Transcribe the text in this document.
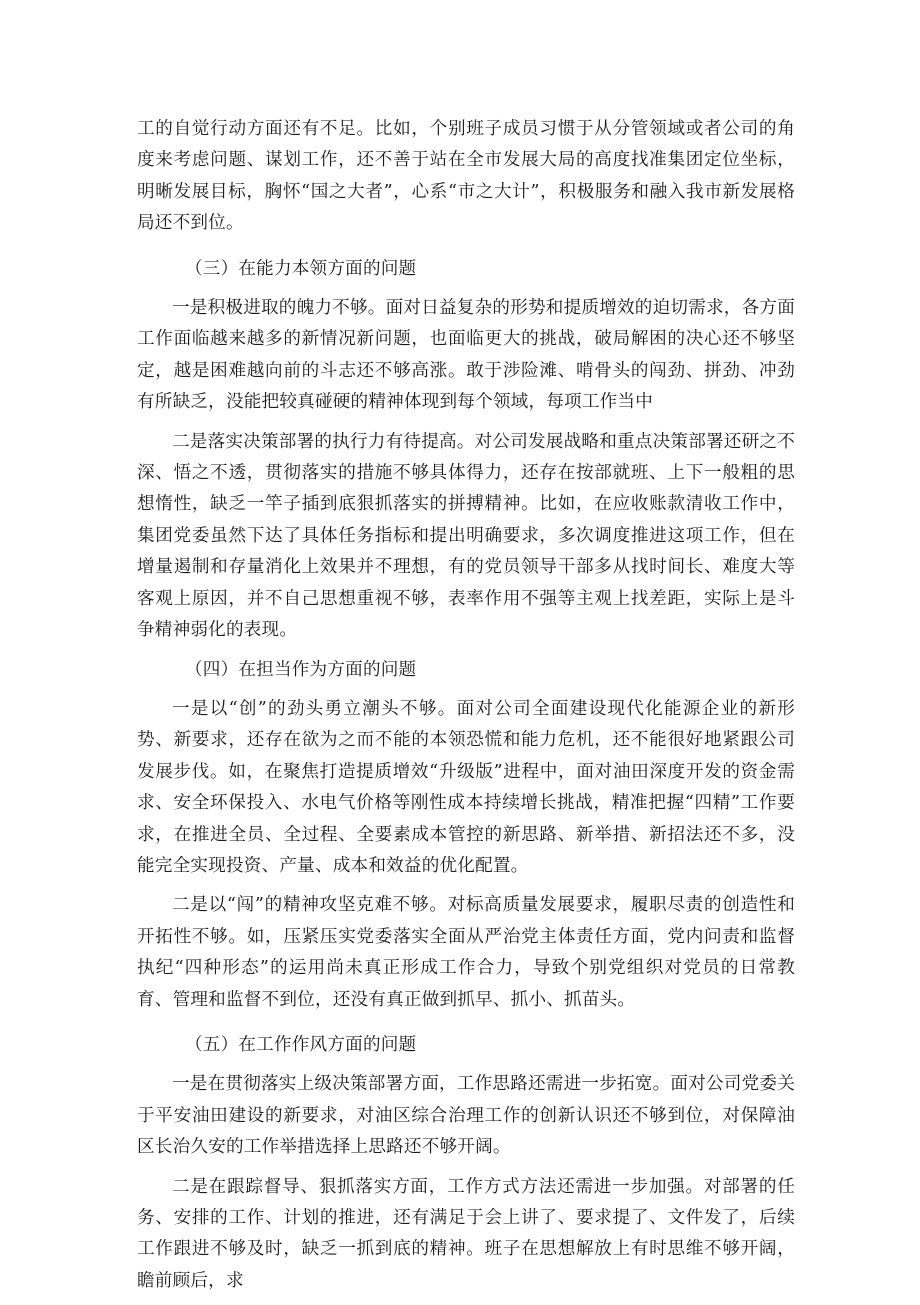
工的自觉行动方面还有不足。比如，个别班子成员习惯于从分管领域或者公司的角度来考虑问题、谋划工作，还不善于站在全市发展大局的高度找准集团定位坐标，明晰发展目标，胸怀“国之大者”，心系“市之大计”，积极服务和融入我市新发展格局还不到位。

（三）在能力本领方面的问题

一是积极进取的魄力不够。面对日益复杂的形势和提质增效的迫切需求，各方面工作面临越来越多的新情况新问题，也面临更大的挑战，破局解困的决心还不够坚定，越是困难越向前的斗志还不够高涨。敢于涉险滩、啃骨头的闯劲、拼劲、冲劲有所缺乏，没能把较真碰硬的精神体现到每个领域，每项工作当中

二是落实决策部署的执行力有待提高。对公司发展战略和重点决策部署还研之不深、悟之不透，贯彻落实的措施不够具体得力，还存在按部就班、上下一般粗的思想惰性，缺乏一竿子插到底狠抓落实的拼搏精神。比如，在应收账款清收工作中，集团党委虽然下达了具体任务指标和提出明确要求，多次调度推进这项工作，但在增量遏制和存量消化上效果并不理想，有的党员领导干部多从找时间长、难度大等客观上原因，并不自己思想重视不够，表率作用不强等主观上找差距，实际上是斗争精神弱化的表现。

（四）在担当作为方面的问题

一是以“创”的劲头勇立潮头不够。面对公司全面建设现代化能源企业的新形势、新要求，还存在欲为之而不能的本领恐慌和能力危机，还不能很好地紧跟公司发展步伐。如，在聚焦打造提质增效“升级版”进程中，面对油田深度开发的资金需求、安全环保投入、水电气价格等刚性成本持续增长挑战，精准把握“四精”工作要求，在推进全员、全过程、全要素成本管控的新思路、新举措、新招法还不多，没能完全实现投资、产量、成本和效益的优化配置。

二是以“闯”的精神攻坚克难不够。对标高质量发展要求，履职尽责的创造性和开拓性不够。如，压紧压实党委落实全面从严治党主体责任方面，党内问责和监督执纪“四种形态”的运用尚未真正形成工作合力，导致个别党组织对党员的日常教育、管理和监督不到位，还没有真正做到抓早、抓小、抓苗头。

（五）在工作作风方面的问题

一是在贯彻落实上级决策部署方面，工作思路还需进一步拓宽。面对公司党委关于平安油田建设的新要求，对油区综合治理工作的创新认识还不够到位，对保障油区长治久安的工作举措选择上思路还不够开阔。

二是在跟踪督导、狠抓落实方面，工作方式方法还需进一步加强。对部署的任务、安排的工作、计划的推进，还有满足于会上讲了、要求提了、文件发了，后续工作跟进不够及时，缺乏一抓到底的精神。班子在思想解放上有时思维不够开阔，瞻前顾后，求
